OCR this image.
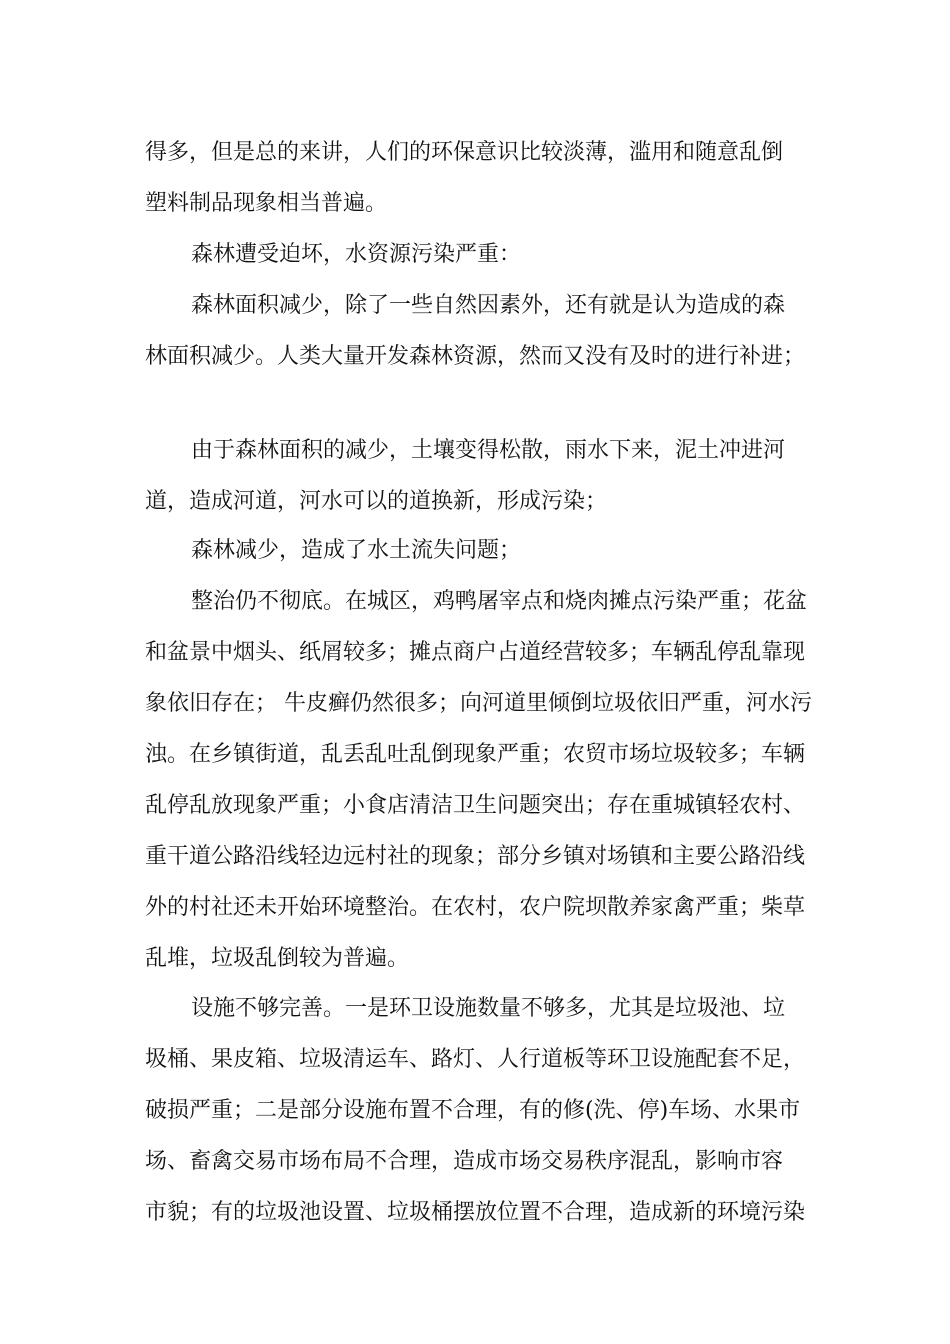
得多，但是总的来讲，人们的环保意识比较淡薄，滥用和随意乱倒
塑料制品现象相当普遍。

森林遭受迫坏，水资源污染严重：

森林面积减少，除了一些自然因素外，还有就是认为造成的森
林面积减少。人类大量开发森林资源，然而又没有及时的进行补进；

由于森林面积的减少，土壤变得松散，雨水下来，泥土冲进河
道，造成河道，河水可以的道换新，形成污染；

森林减少，造成了水土流失问题；

整治仍不彻底。在城区，鸡鸭屠宰点和烧肉摊点污染严重；花盆
和盆景中烟头、纸屑较多；摊点商户占道经营较多；车辆乱停乱靠现
象依旧存在； 牛皮癣仍然很多；向河道里倾倒垃圾依旧严重，河水污
浊。在乡镇街道，乱丢乱吐乱倒现象严重；农贸市场垃圾较多；车辆
乱停乱放现象严重；小食店清洁卫生问题突出；存在重城镇轻农村、
重干道公路沿线轻边远村社的现象；部分乡镇对场镇和主要公路沿线
外的村社还未开始环境整治。在农村，农户院坝散养家禽严重；柴草
乱堆，垃圾乱倒较为普遍。

设施不够完善。一是环卫设施数量不够多，尤其是垃圾池、垃
圾桶、果皮箱、垃圾清运车、路灯、人行道板等环卫设施配套不足，
破损严重；二是部分设施布置不合理，有的修(洗、停)车场、水果市
场、畜禽交易市场布局不合理，造成市场交易秩序混乱，影响市容
市貌；有的垃圾池设置、垃圾桶摆放位置不合理，造成新的环境污染
